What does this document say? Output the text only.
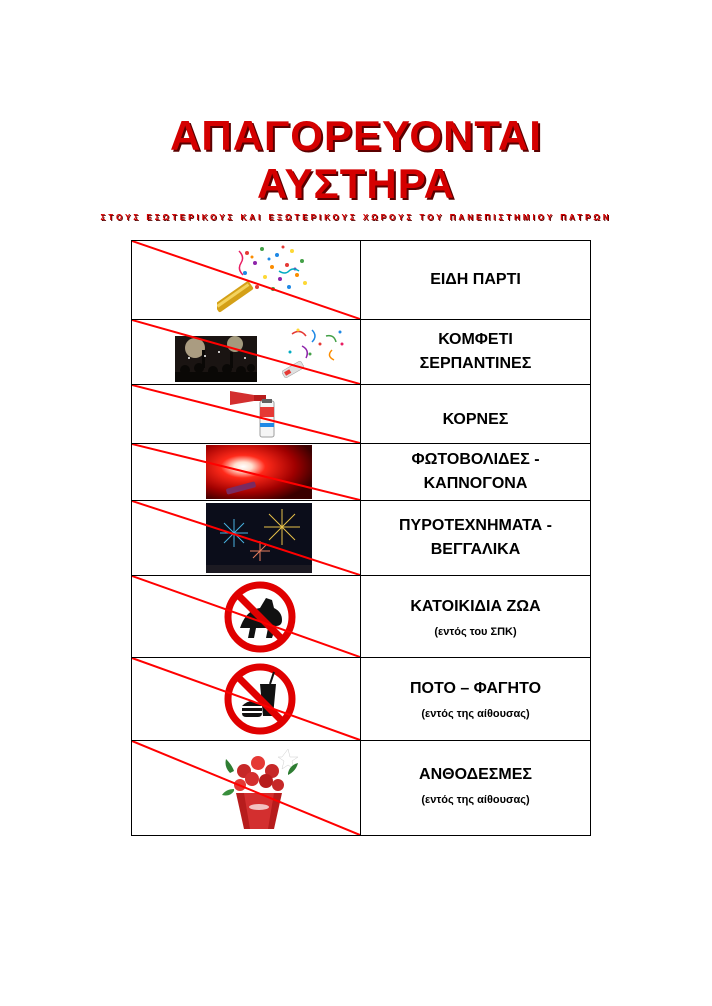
ΑΠΑΓΟΡΕΥΟΝΤΑΙ
ΑΥΣΤΗΡΑ
ΣΤΟΥΣ ΕΣΩΤΕΡΙΚΟΥΣ ΚΑΙ ΕΞΩΤΕΡΙΚΟΥΣ ΧΩΡΟΥΣ ΤΟΥ ΠΑΝΕΠΙΣΤΗΜΙΟΥ ΠΑΤΡΩΝ

ΕΙΔΗ ΠΑΡΤΙ

ΚΟΜΦΕΤΙ
ΣΕΡΠΑΝΤΙΝΕΣ

ΚΟΡΝΕΣ

ΦΩΤΟΒΟΛΙΔΕΣ -
ΚΑΠΝΟΓΟΝΑ

ΠΥΡΟΤΕΧΝΗΜΑΤΑ -
ΒΕΓΓΑΛΙΚΑ

ΚΑΤΟΙΚΙΔΙΑ ΖΩΑ
(εντός του ΣΠΚ)

ΠΟΤΟ – ΦΑΓΗΤΟ
(εντός της αίθουσας)

ΑΝΘΟΔΕΣΜΕΣ
(εντός της αίθουσας)
